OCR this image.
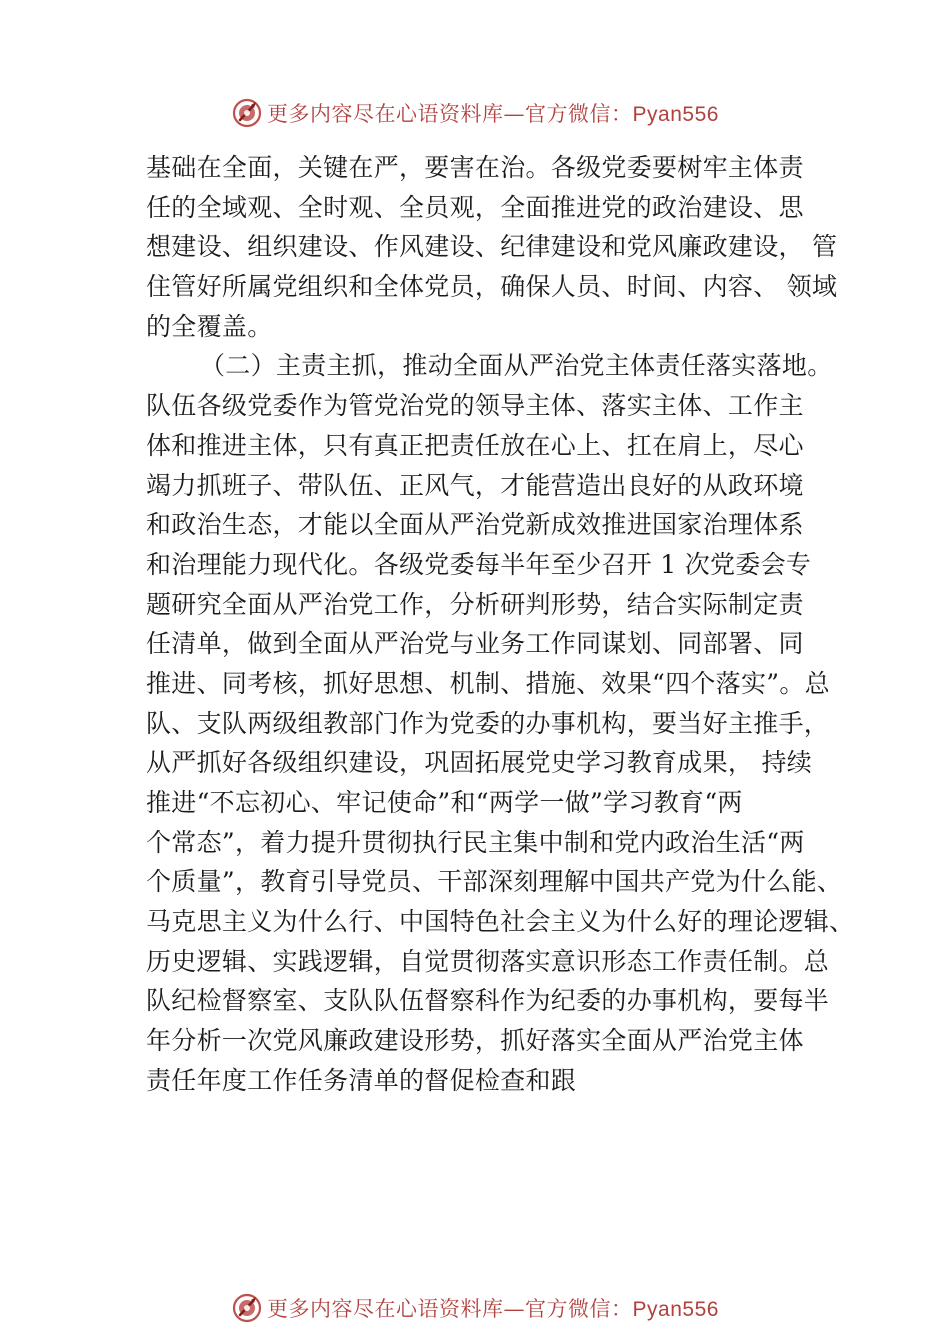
更多内容尽在心语资料库—官方微信：Pyan556
基础在全面，关键在严，要害在治。各级党委要树牢主体责
任的全域观、全时观、全员观，全面推进党的政治建设、思
想建设、组织建设、作风建设、纪律建设和党风廉政建设， 管
住管好所属党组织和全体党员，确保人员、时间、内容、 领域
的全覆盖。
（二）主责主抓，推动全面从严治党主体责任落实落地。
队伍各级党委作为管党治党的领导主体、落实主体、工作主
体和推进主体，只有真正把责任放在心上、扛在肩上，尽心
竭力抓班子、带队伍、正风气，才能营造出良好的从政环境
和政治生态，才能以全面从严治党新成效推进国家治理体系
和治理能力现代化。各级党委每半年至少召开 1 次党委会专
题研究全面从严治党工作，分析研判形势，结合实际制定责
任清单，做到全面从严治党与业务工作同谋划、同部署、同
推进、同考核，抓好思想、机制、措施、效果“四个落实”。总
队、支队两级组教部门作为党委的办事机构，要当好主推手，
从严抓好各级组织建设，巩固拓展党史学习教育成果， 持续
推进“不忘初心、牢记使命”和“两学一做”学习教育“两
个常态”，着力提升贯彻执行民主集中制和党内政治生活“两
个质量”，教育引导党员、干部深刻理解中国共产党为什么能、
马克思主义为什么行、中国特色社会主义为什么好的理论逻辑、
历史逻辑、实践逻辑，自觉贯彻落实意识形态工作责任制。总
队纪检督察室、支队队伍督察科作为纪委的办事机构，要每半
年分析一次党风廉政建设形势，抓好落实全面从严治党主体
责任年度工作任务清单的督促检查和跟
更多内容尽在心语资料库—官方微信：Pyan556
